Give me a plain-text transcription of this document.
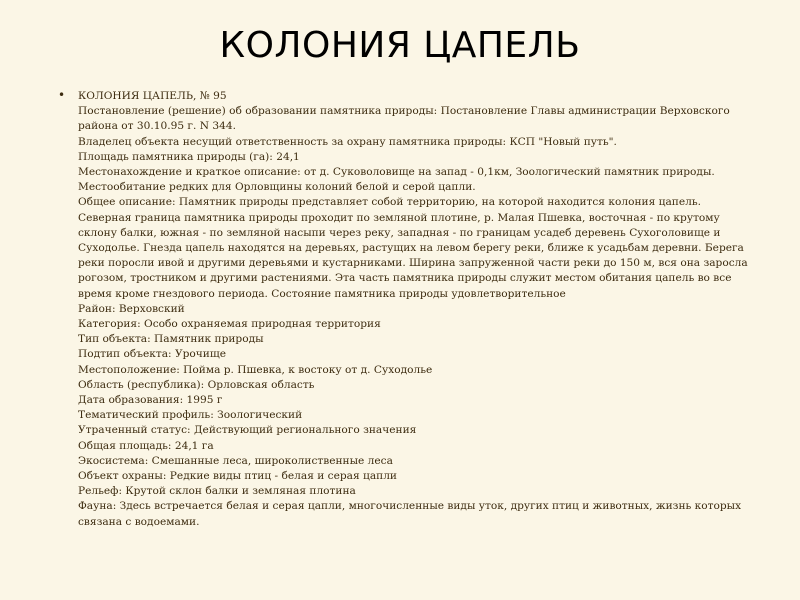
КОЛОНИЯ ЦАПЕЛЬ
• КОЛОНИЯ ЦАПЕЛЬ, № 95
Постановление (решение) об образовании памятника природы: Постановление Главы администрации Верховского района от 30.10.95 г. N 344.
Владелец объекта несущий ответственность за охрану памятника природы: КСП "Новый путь".
Площадь памятника природы (га): 24,1
Местонахождение и краткое описание: от д. Суковоловище на запад - 0,1км, Зоологический памятник природы. Местообитание редких для Орловщины колоний белой и серой цапли.
Общее описание: Памятник природы представляет собой территорию, на которой находится колония цапель. Северная граница памятника природы проходит по земляной плотине, р. Малая Пшевка, восточная - по крутому склону балки, южная - по земляной насыпи через реку, западная - по границам усадеб деревень Сухоголовище и Суходолье. Гнезда цапель находятся на деревьях, растущих на левом берегу реки, ближе к усадьбам деревни. Берега реки поросли ивой и другими деревьями и кустарниками. Ширина запруженной части реки до 150 м, вся она заросла рогозом, тростником и другими растениями. Эта часть памятника природы служит местом обитания цапель во все время кроме гнездового периода. Состояние памятника природы удовлетворительное
Район: Верховский
Категория: Особо охраняемая природная территория
Тип объекта: Памятник природы
Подтип объекта: Урочище
Местоположение: Пойма р. Пшевка, к востоку от д. Суходолье
Область (республика): Орловская область
Дата образования: 1995 г
Тематический профиль: Зоологический
Утраченный статус: Действующий регионального значения
Общая площадь: 24,1 га
Экосистема: Смешанные леса, широколиственные леса
Объект охраны: Редкие виды птиц - белая и серая цапли
Рельеф: Крутой склон балки и земляная плотина
Фауна: Здесь встречается белая и серая цапли, многочисленные виды уток, других птиц и животных, жизнь которых связана с водоемами.
